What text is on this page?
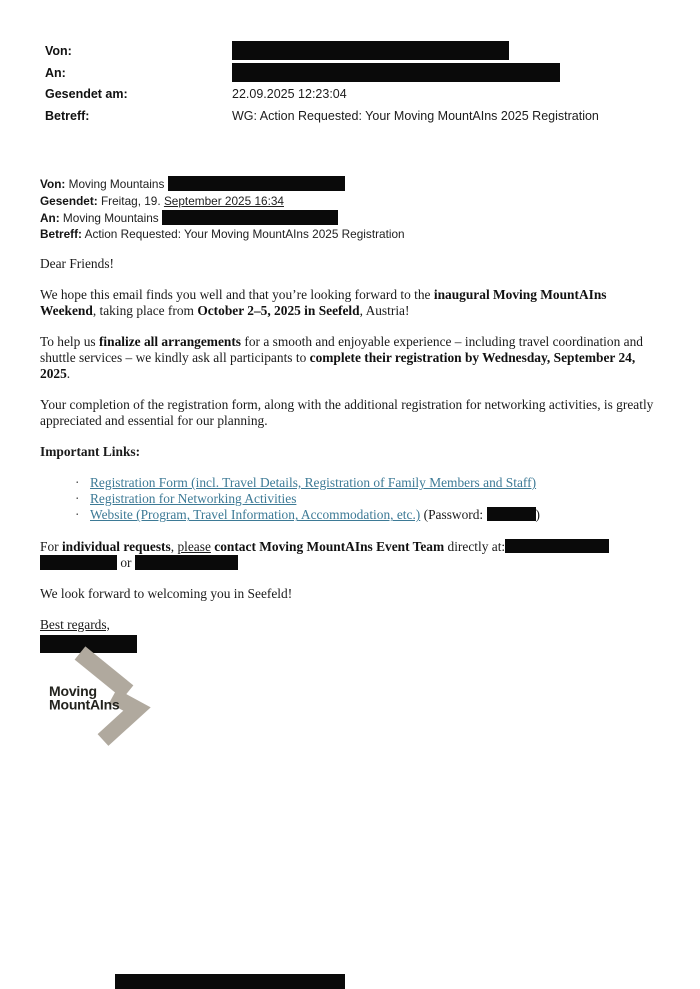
Von:
An:
Gesendet am:	22.09.2025 12:23:04
Betreff:	WG: Action Requested: Your Moving MountAIns 2025 Registration
Von: Moving Mountains
Gesendet: Freitag, 19. September 2025 16:34
An: Moving Mountains
Betreff: Action Requested: Your Moving MountAIns 2025 Registration

Dear Friends!

We hope this email finds you well and that you’re looking forward to the inaugural Moving MountAIns Weekend, taking place from October 2–5, 2025 in Seefeld, Austria!

To help us finalize all arrangements for a smooth and enjoyable experience – including travel coordination and shuttle services – we kindly ask all participants to complete their registration by Wednesday, September 24, 2025.

Your completion of the registration form, along with the additional registration for networking activities, is greatly appreciated and essential for our planning.

Important Links:

· Registration Form (incl. Travel Details, Registration of Family Members and Staff)
· Registration for Networking Activities
· Website (Program, Travel Information, Accommodation, etc.) (Password:	)

For individual requests, please contact Moving MountAIns Event Team directly at:
or

We look forward to welcoming you in Seefeld!

Best regards,

Moving
MountAIns
